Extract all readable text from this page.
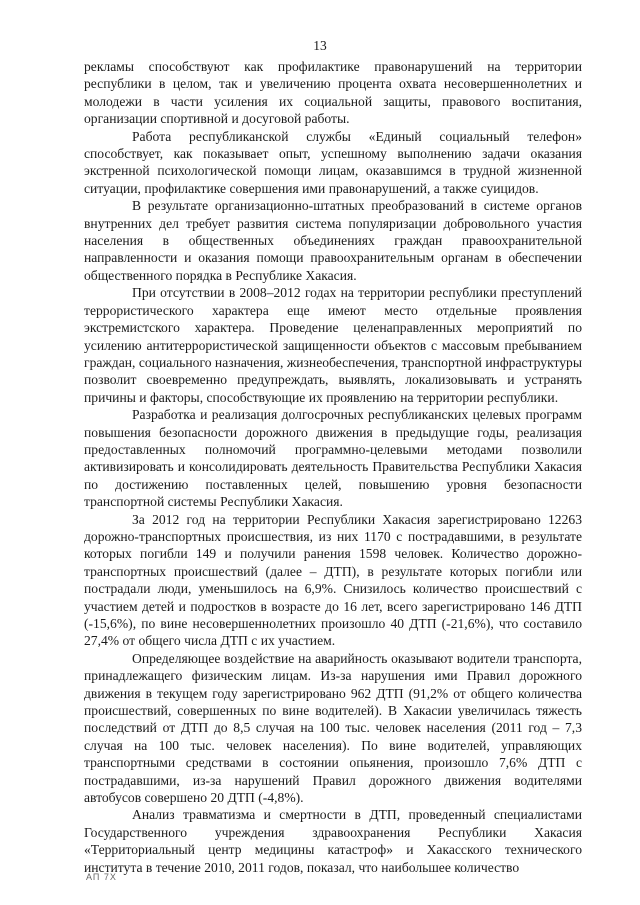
13

рекламы способствуют как профилактике правонарушений на территории республики в целом, так и увеличению процента охвата несовершеннолетних и молодежи в части усиления их социальной защиты, правового воспитания, организации спортивной и досуговой работы.

Работа республиканской службы «Единый социальный телефон» способствует, как показывает опыт, успешному выполнению задачи оказания экстренной психологической помощи лицам, оказавшимся в трудной жизненной ситуации, профилактике совершения ими правонарушений, а также суицидов.

В результате организационно-штатных преобразований в системе органов внутренних дел требует развития система популяризации добровольного участия населения в общественных объединениях граждан правоохранительной направленности и оказания помощи правоохранительным органам в обеспечении общественного порядка в Республике Хакасия.

При отсутствии в 2008–2012 годах на территории республики преступлений террористического характера еще имеют место отдельные проявления экстремистского характера. Проведение целенаправленных мероприятий по усилению антитеррористической защищенности объектов с массовым пребыванием граждан, социального назначения, жизнеобеспечения, транспортной инфраструктуры позволит своевременно предупреждать, выявлять, локализовывать и устранять причины и факторы, способствующие их проявлению на территории республики.

Разработка и реализация долгосрочных республиканских целевых программ повышения безопасности дорожного движения в предыдущие годы, реализация предоставленных полномочий программно-целевыми методами позволили активизировать и консолидировать деятельность Правительства Республики Хакасия по достижению поставленных целей, повышению уровня безопасности транспортной системы Республики Хакасия.

За 2012 год на территории Республики Хакасия зарегистрировано 12263 дорожно-транспортных происшествия, из них 1170 с пострадавшими, в результате которых погибли 149 и получили ранения 1598 человек. Количество дорожно-транспортных происшествий (далее – ДТП), в результате которых погибли или пострадали люди, уменьшилось на 6,9%. Снизилось количество происшествий с участием детей и подростков в возрасте до 16 лет, всего зарегистрировано 146 ДТП (-15,6%), по вине несовершеннолетних произошло 40 ДТП (-21,6%), что составило 27,4% от общего числа ДТП с их участием.

Определяющее воздействие на аварийность оказывают водители транспорта, принадлежащего физическим лицам. Из-за нарушения ими Правил дорожного движения в текущем году зарегистрировано 962 ДТП (91,2% от общего количества происшествий, совершенных по вине водителей). В Хакасии увеличилась тяжесть последствий от ДТП до 8,5 случая на 100 тыс. человек населения (2011 год – 7,3 случая на 100 тыс. человек населения). По вине водителей, управляющих транспортными средствами в состоянии опьянения, произошло 7,6% ДТП с пострадавшими, из-за нарушений Правил дорожного движения водителями автобусов совершено 20 ДТП (-4,8%).

Анализ травматизма и смертности в ДТП, проведенный специалистами Государственного учреждения здравоохранения Республики Хакасия «Территориальный центр медицины катастроф» и Хакасского технического института в течение 2010, 2011 годов, показал, что наибольшее количество

АП 7Х
